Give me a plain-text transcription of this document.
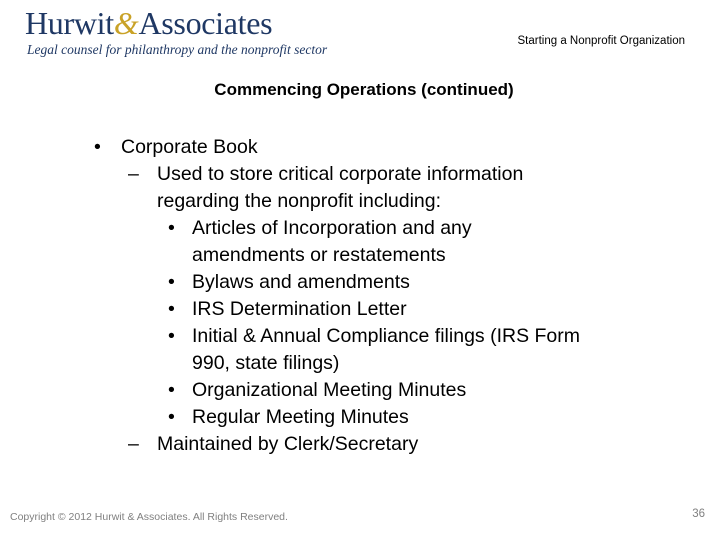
Hurwit&Associates
Legal counsel for philanthropy and the nonprofit sector
Starting a Nonprofit Organization
Commencing Operations (continued)
• Corporate Book
– Used to store critical corporate information
regarding the nonprofit including:
• Articles of Incorporation and any
amendments or restatements
• Bylaws and amendments
• IRS Determination Letter
• Initial & Annual Compliance filings (IRS Form
990, state filings)
• Organizational Meeting Minutes
• Regular Meeting Minutes
– Maintained by Clerk/Secretary
Copyright © 2012 Hurwit & Associates. All Rights Reserved.	36
